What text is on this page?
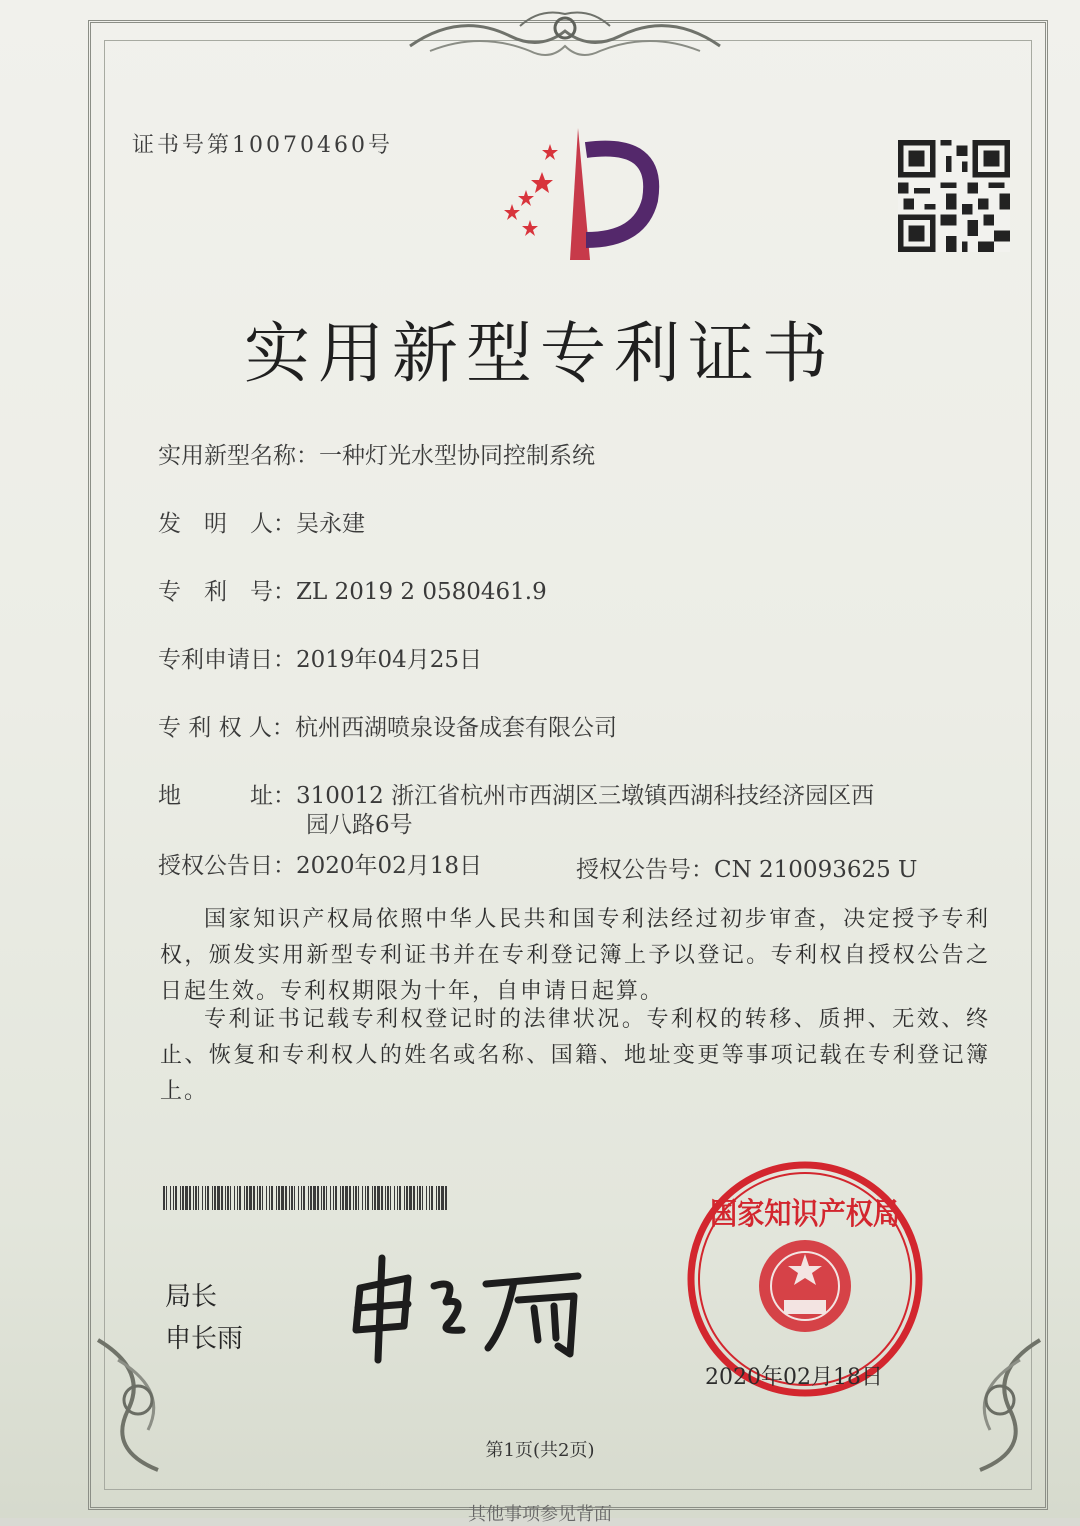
证书号第10070460号
实用新型专利证书
实用新型名称：一种灯光水型协同控制系统
发　明　人：吴永建
专　利　号：ZL 2019 2 0580461.9
专利申请日：2019年04月25日
专 利 权 人：杭州西湖喷泉设备成套有限公司
地　　　址：310012 浙江省杭州市西湖区三墩镇西湖科技经济园区西
园八路6号
授权公告日：2020年02月18日	授权公告号：CN 210093625 U
国家知识产权局依照中华人民共和国专利法经过初步审查，决定授予专利权，颁发实用新型专利证书并在专利登记簿上予以登记。专利权自授权公告之日起生效。专利权期限为十年，自申请日起算。
专利证书记载专利权登记时的法律状况。专利权的转移、质押、无效、终止、恢复和专利权人的姓名或名称、国籍、地址变更等事项记载在专利登记簿上。
局长
申长雨
国家知识产权局
2020年02月18日
第1页(共2页)
其他事项参见背面
